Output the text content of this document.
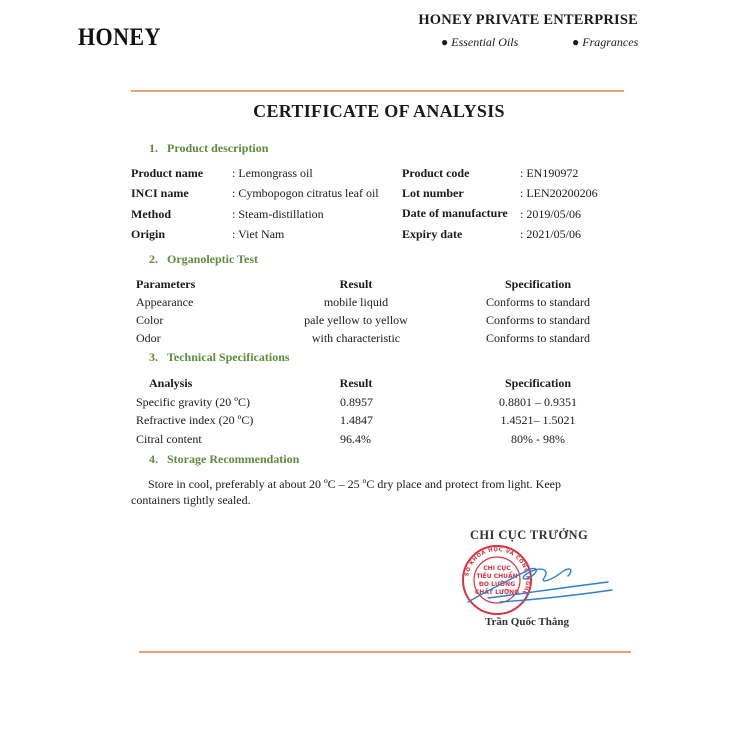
HONEY
HONEY PRIVATE ENTERPRISE
● Essential Oils	● Fragrances
CERTIFICATE OF ANALYSIS
1. Product description
Product name : Lemongrass oil
INCI name	: Cymbopogon citratus leaf oil
Method	: Steam-distillation
Origin	: Viet Nam
Product code	: EN190972
Lot number	: LEN20200206
Date of manufacture : 2019/05/06
Expiry date	: 2021/05/06
2. Organoleptic Test
Parameters	Result	Specification
Appearance	mobile liquid	Conforms to standard
Color	pale yellow to yellow	Conforms to standard
Odor	with characteristic	Conforms to standard
3. Technical Specifications
Analysis	Result	Specification
Specific gravity (20 ºC)	0.8957	0.8801 – 0.9351
Refractive index (20 ºC)	1.4847	1.4521– 1.5021
Citral content	96.4%	80% - 98%
4. Storage Recommendation
Store in cool, preferably at about 20 ºC – 25 ºC dry place and protect from light. Keep containers tightly sealed.
CHI CỤC TRƯỞNG
SỞ KHOA HỌC VÀ CÔNG NGHỆ
CHI CỤC
TIÊU CHUẨN
ĐO LƯỜNG
CHẤT LƯỢNG
Trần Quốc Thắng
